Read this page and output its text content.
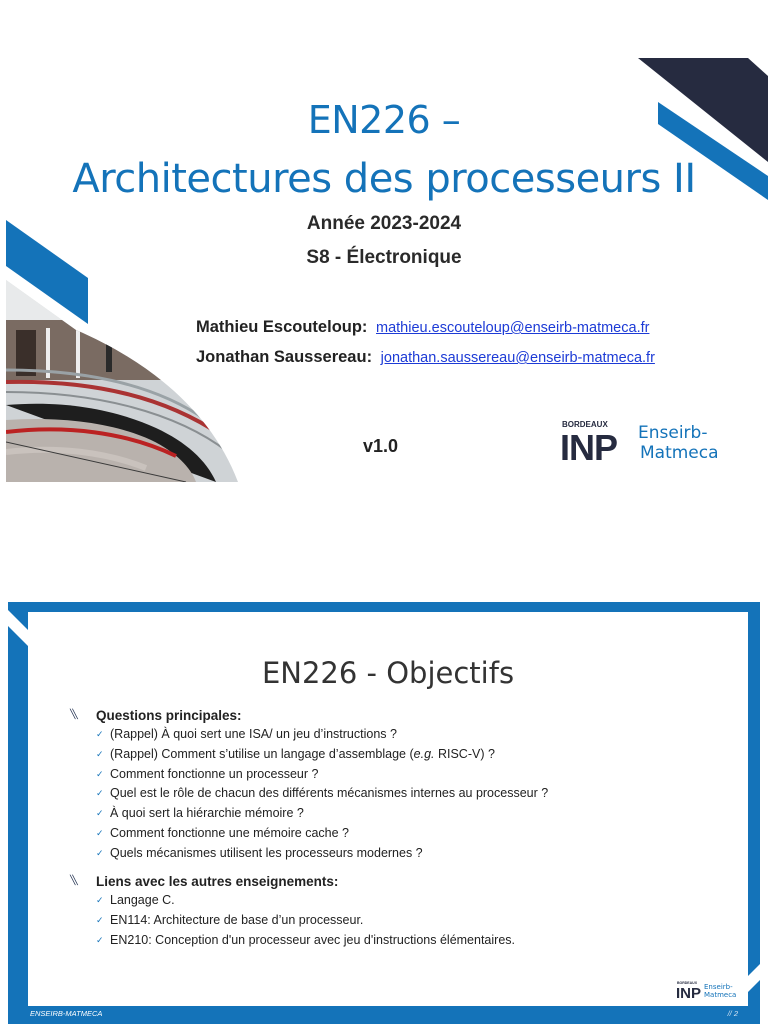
EN226 –
Architectures des processeurs II
Année 2023-2024
S8 - Électronique
Mathieu Escouteloup: mathieu.escouteloup@enseirb-matmeca.fr
Jonathan Saussereau: jonathan.saussereau@enseirb-matmeca.fr
v1.0
BORDEAUX
INP Enseirb-
Matmeca
EN226 - Objectifs
╲╲ Questions principales:
✓ (Rappel) À quoi sert une ISA/ un jeu d’instructions ?
✓ (Rappel) Comment s’utilise un langage d’assemblage (e.g. RISC-V) ?
✓ Comment fonctionne un processeur ?
✓ Quel est le rôle de chacun des différents mécanismes internes au processeur ?
✓ À quoi sert la hiérarchie mémoire ?
✓ Comment fonctionne une mémoire cache ?
✓ Quels mécanismes utilisent les processeurs modernes ?
╲╲ Liens avec les autres enseignements:
✓ Langage C.
✓ EN114: Architecture de base d’un processeur.
✓ EN210: Conception d'un processeur avec jeu d'instructions élémentaires.
BORDEAUX
INP Enseirb-
Matmeca
ENSEIRB-MATMECA	// 2
